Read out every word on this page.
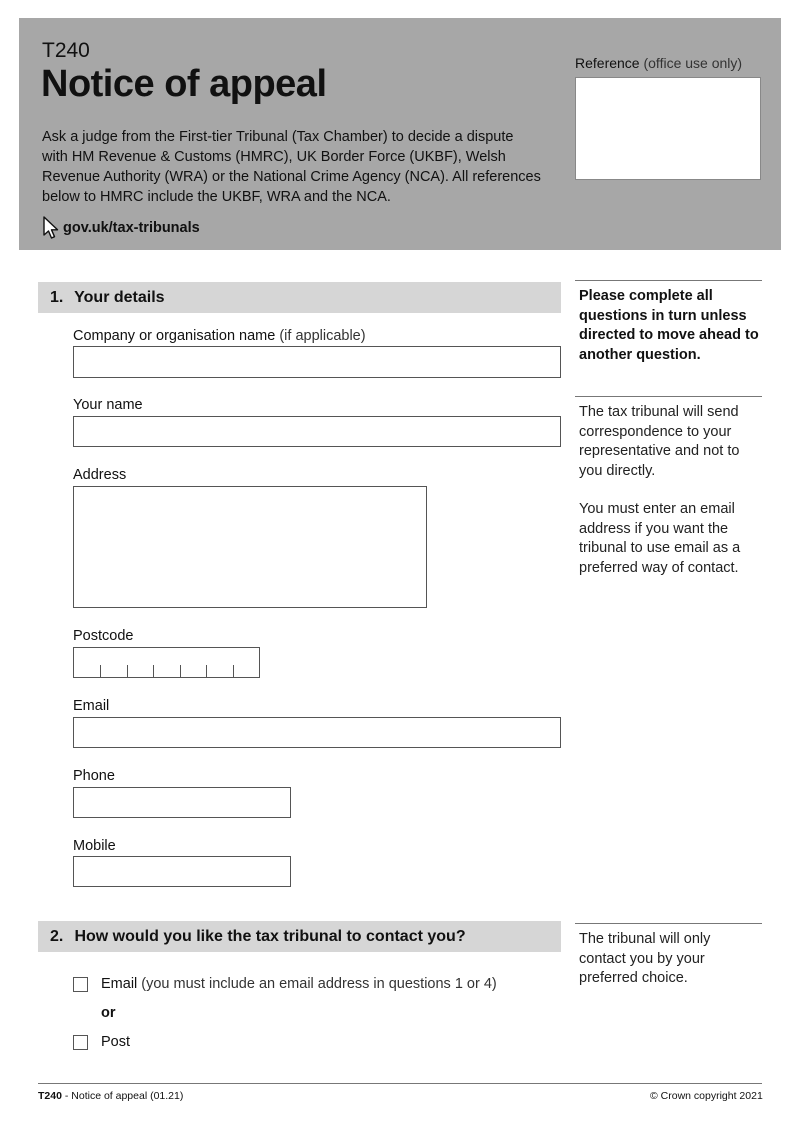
T240
Notice of appeal
Ask a judge from the First-tier Tribunal (Tax Chamber) to decide a dispute with HM Revenue & Customs (HMRC), UK Border Force (UKBF), Welsh Revenue Authority (WRA) or the National Crime Agency (NCA). All references below to HMRC include the UKBF, WRA and the NCA.
gov.uk/tax-tribunals
Reference (office use only)
1. Your details
Company or organisation name (if applicable)
Your name
Address
Postcode
Email
Phone
Mobile
Please complete all questions in turn unless directed to move ahead to another question.
The tax tribunal will send correspondence to your representative and not to you directly.
You must enter an email address if you want the tribunal to use email as a preferred way of contact.
2. How would you like the tax tribunal to contact you?
Email (you must include an email address in questions 1 or 4)
or
Post
The tribunal will only contact you by your preferred choice.
T240 - Notice of appeal (01.21)	© Crown copyright 2021
